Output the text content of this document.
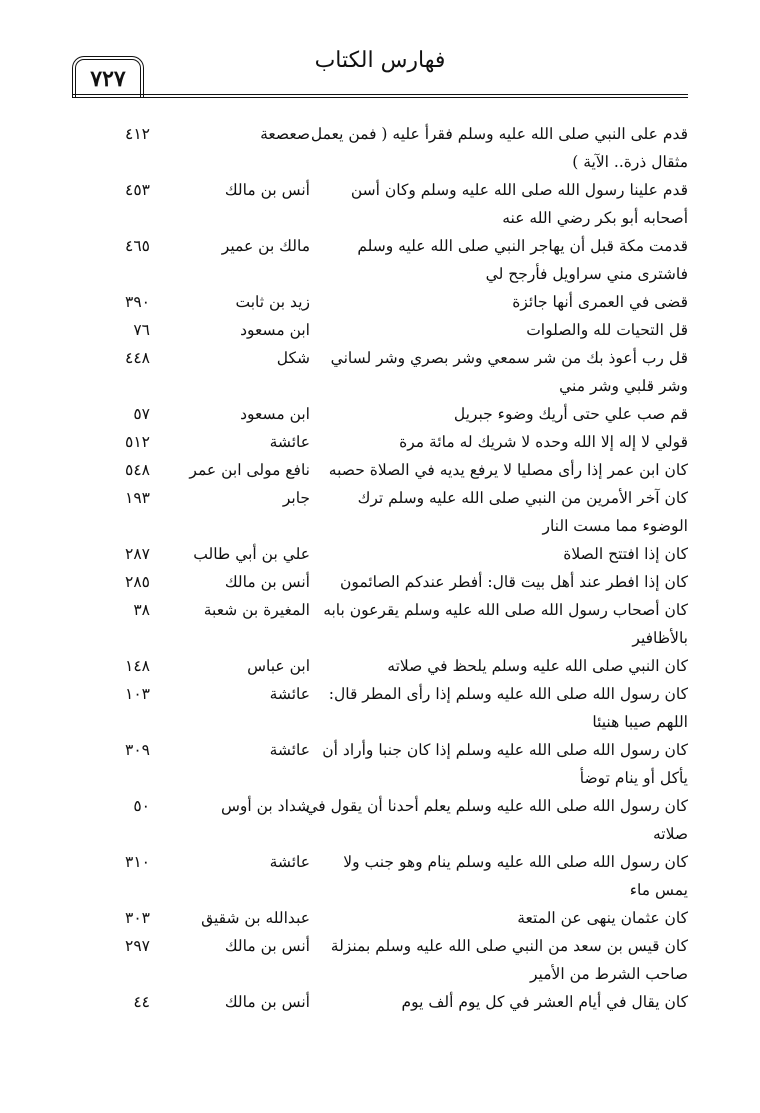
فهارس الكتاب
٧٢٧
قدم على النبي صلى الله عليه وسلم فقرأ عليه ( فمن يعمل
مثقال ذرة.. الآية )
صعصعة
٤١٢
قدم علينا رسول الله صلى الله عليه وسلم وكان أسن
أصحابه أبو بكر رضي الله عنه
أنس بن مالك
٤٥٣
قدمت مكة قبل أن يهاجر النبي صلى الله عليه وسلم
فاشترى مني سراويل فأرجح لي
مالك بن عمير
٤٦٥
قضى في العمرى أنها جائزة
زيد بن ثابت
٣٩٠
قل التحيات لله والصلوات
ابن مسعود
٧٦
قل رب أعوذ بك من شر سمعي وشر بصري وشر لساني
وشر قلبي وشر مني
شكل
٤٤٨
قم صب علي حتى أريك وضوء جبريل
ابن مسعود
٥٧
قولي لا إله إلا الله وحده لا شريك له مائة مرة
عائشة
٥١٢
كان ابن عمر إذا رأى مصليا لا يرفع يديه في الصلاة حصبه
نافع مولى ابن عمر
٥٤٨
كان آخر الأمرين من النبي صلى الله عليه وسلم ترك
الوضوء مما مست النار
جابر
١٩٣
كان إذا افتتح الصلاة
علي بن أبي طالب
٢٨٧
كان إذا افطر عند أهل بيت قال: أفطر عندكم الصائمون
أنس بن مالك
٢٨٥
كان أصحاب رسول الله صلى الله عليه وسلم يقرعون بابه
بالأظافير
المغيرة بن شعبة
٣٨
كان النبي صلى الله عليه وسلم يلحظ في صلاته
ابن عباس
١٤٨
كان رسول الله صلى الله عليه وسلم إذا رأى المطر قال:
اللهم صيبا هنيئا
عائشة
١٠٣
كان رسول الله صلى الله عليه وسلم إذا كان جنبا وأراد أن
يأكل أو ينام توضأ
عائشة
٣٠٩
كان رسول الله صلى الله عليه وسلم يعلم أحدنا أن يقول في
صلاته
شداد بن أوس
٥٠
كان رسول الله صلى الله عليه وسلم ينام وهو جنب ولا
يمس ماء
عائشة
٣١٠
كان عثمان ينهى عن المتعة
عبدالله بن شقيق
٣٠٣
كان قيس بن سعد من النبي صلى الله عليه وسلم بمنزلة
صاحب الشرط من الأمير
أنس بن مالك
٢٩٧
كان يقال في أيام العشر في كل يوم ألف يوم
أنس بن مالك
٤٤
